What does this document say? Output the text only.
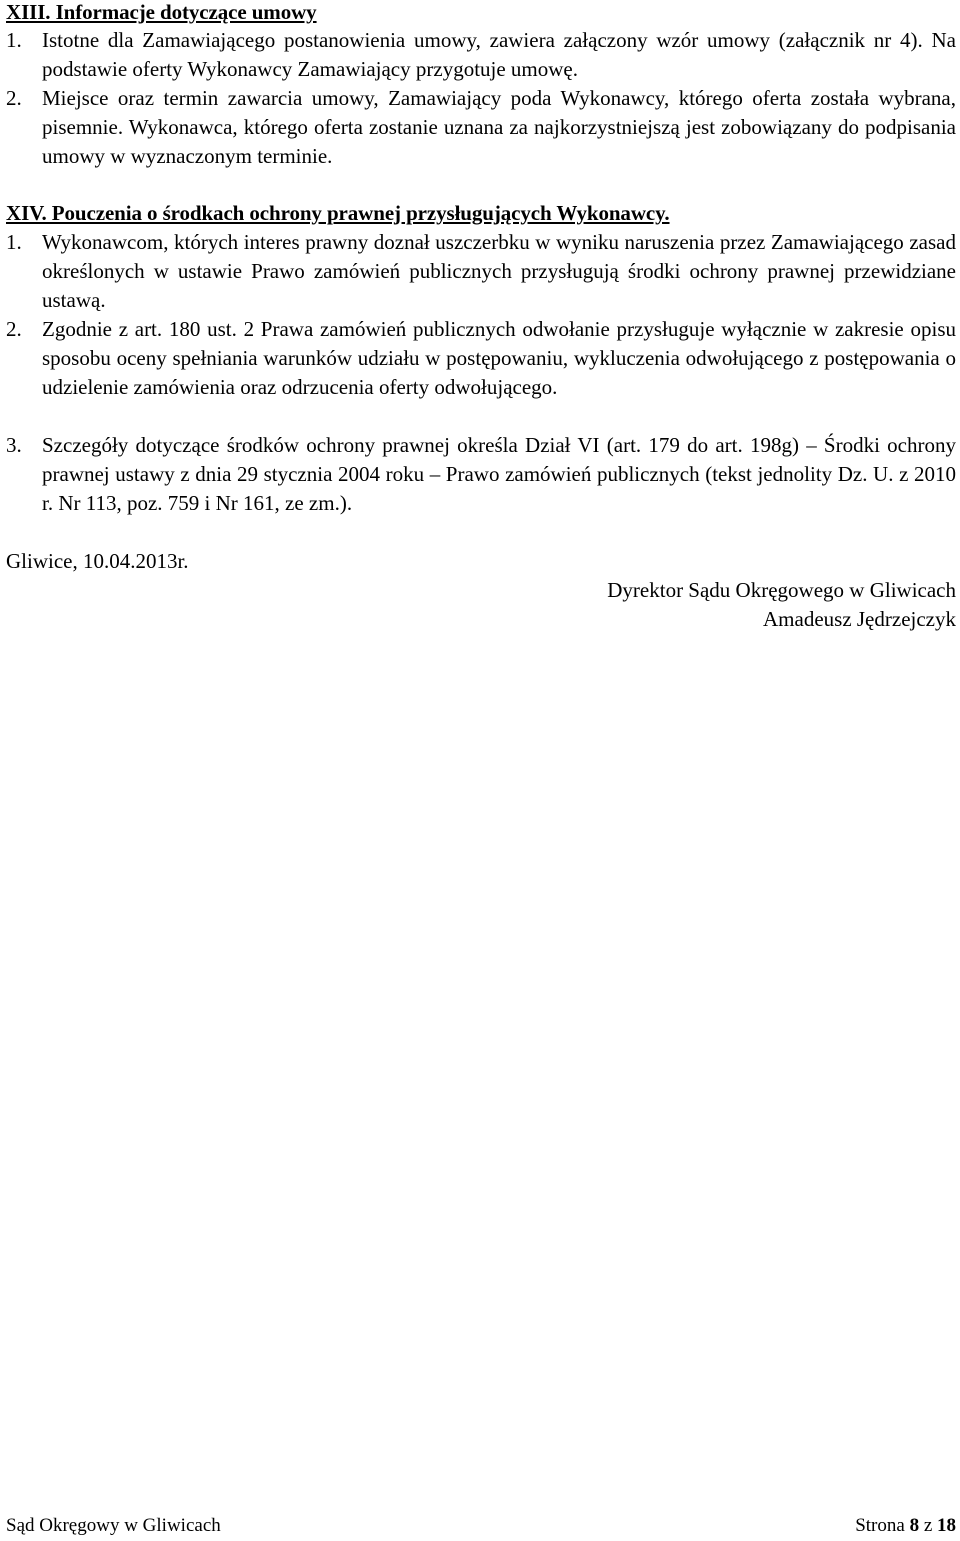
XIII. Informacje dotyczące umowy
1. Istotne dla Zamawiającego postanowienia umowy, zawiera załączony wzór umowy (załącznik nr 4). Na podstawie oferty Wykonawcy Zamawiający przygotuje umowę.
2. Miejsce oraz termin zawarcia umowy, Zamawiający poda Wykonawcy, którego oferta została wybrana, pisemnie. Wykonawca, którego oferta zostanie uznana za najkorzystniejszą jest zobowiązany do podpisania umowy w wyznaczonym terminie.
XIV. Pouczenia o środkach ochrony prawnej przysługujących Wykonawcy.
1. Wykonawcom, których interes prawny doznał uszczerbku w wyniku naruszenia przez Zamawiającego zasad określonych w ustawie Prawo zamówień publicznych przysługują środki ochrony prawnej przewidziane ustawą.
2. Zgodnie z art. 180 ust. 2 Prawa zamówień publicznych odwołanie przysługuje wyłącznie w zakresie opisu sposobu oceny spełniania warunków udziału w postępowaniu, wykluczenia odwołującego z postępowania o udzielenie zamówienia oraz odrzucenia oferty odwołującego.
3. Szczegóły dotyczące środków ochrony prawnej określa Dział VI (art. 179 do art. 198g) – Środki ochrony prawnej ustawy z dnia 29 stycznia 2004 roku – Prawo zamówień publicznych (tekst jednolity Dz. U. z 2010 r. Nr 113, poz. 759 i Nr 161, ze zm.).
Gliwice, 10.04.2013r.
Dyrektor Sądu Okręgowego w Gliwicach
Amadeusz Jędrzejczyk
Sąd Okręgowy w Gliwicach	Strona 8 z 18
